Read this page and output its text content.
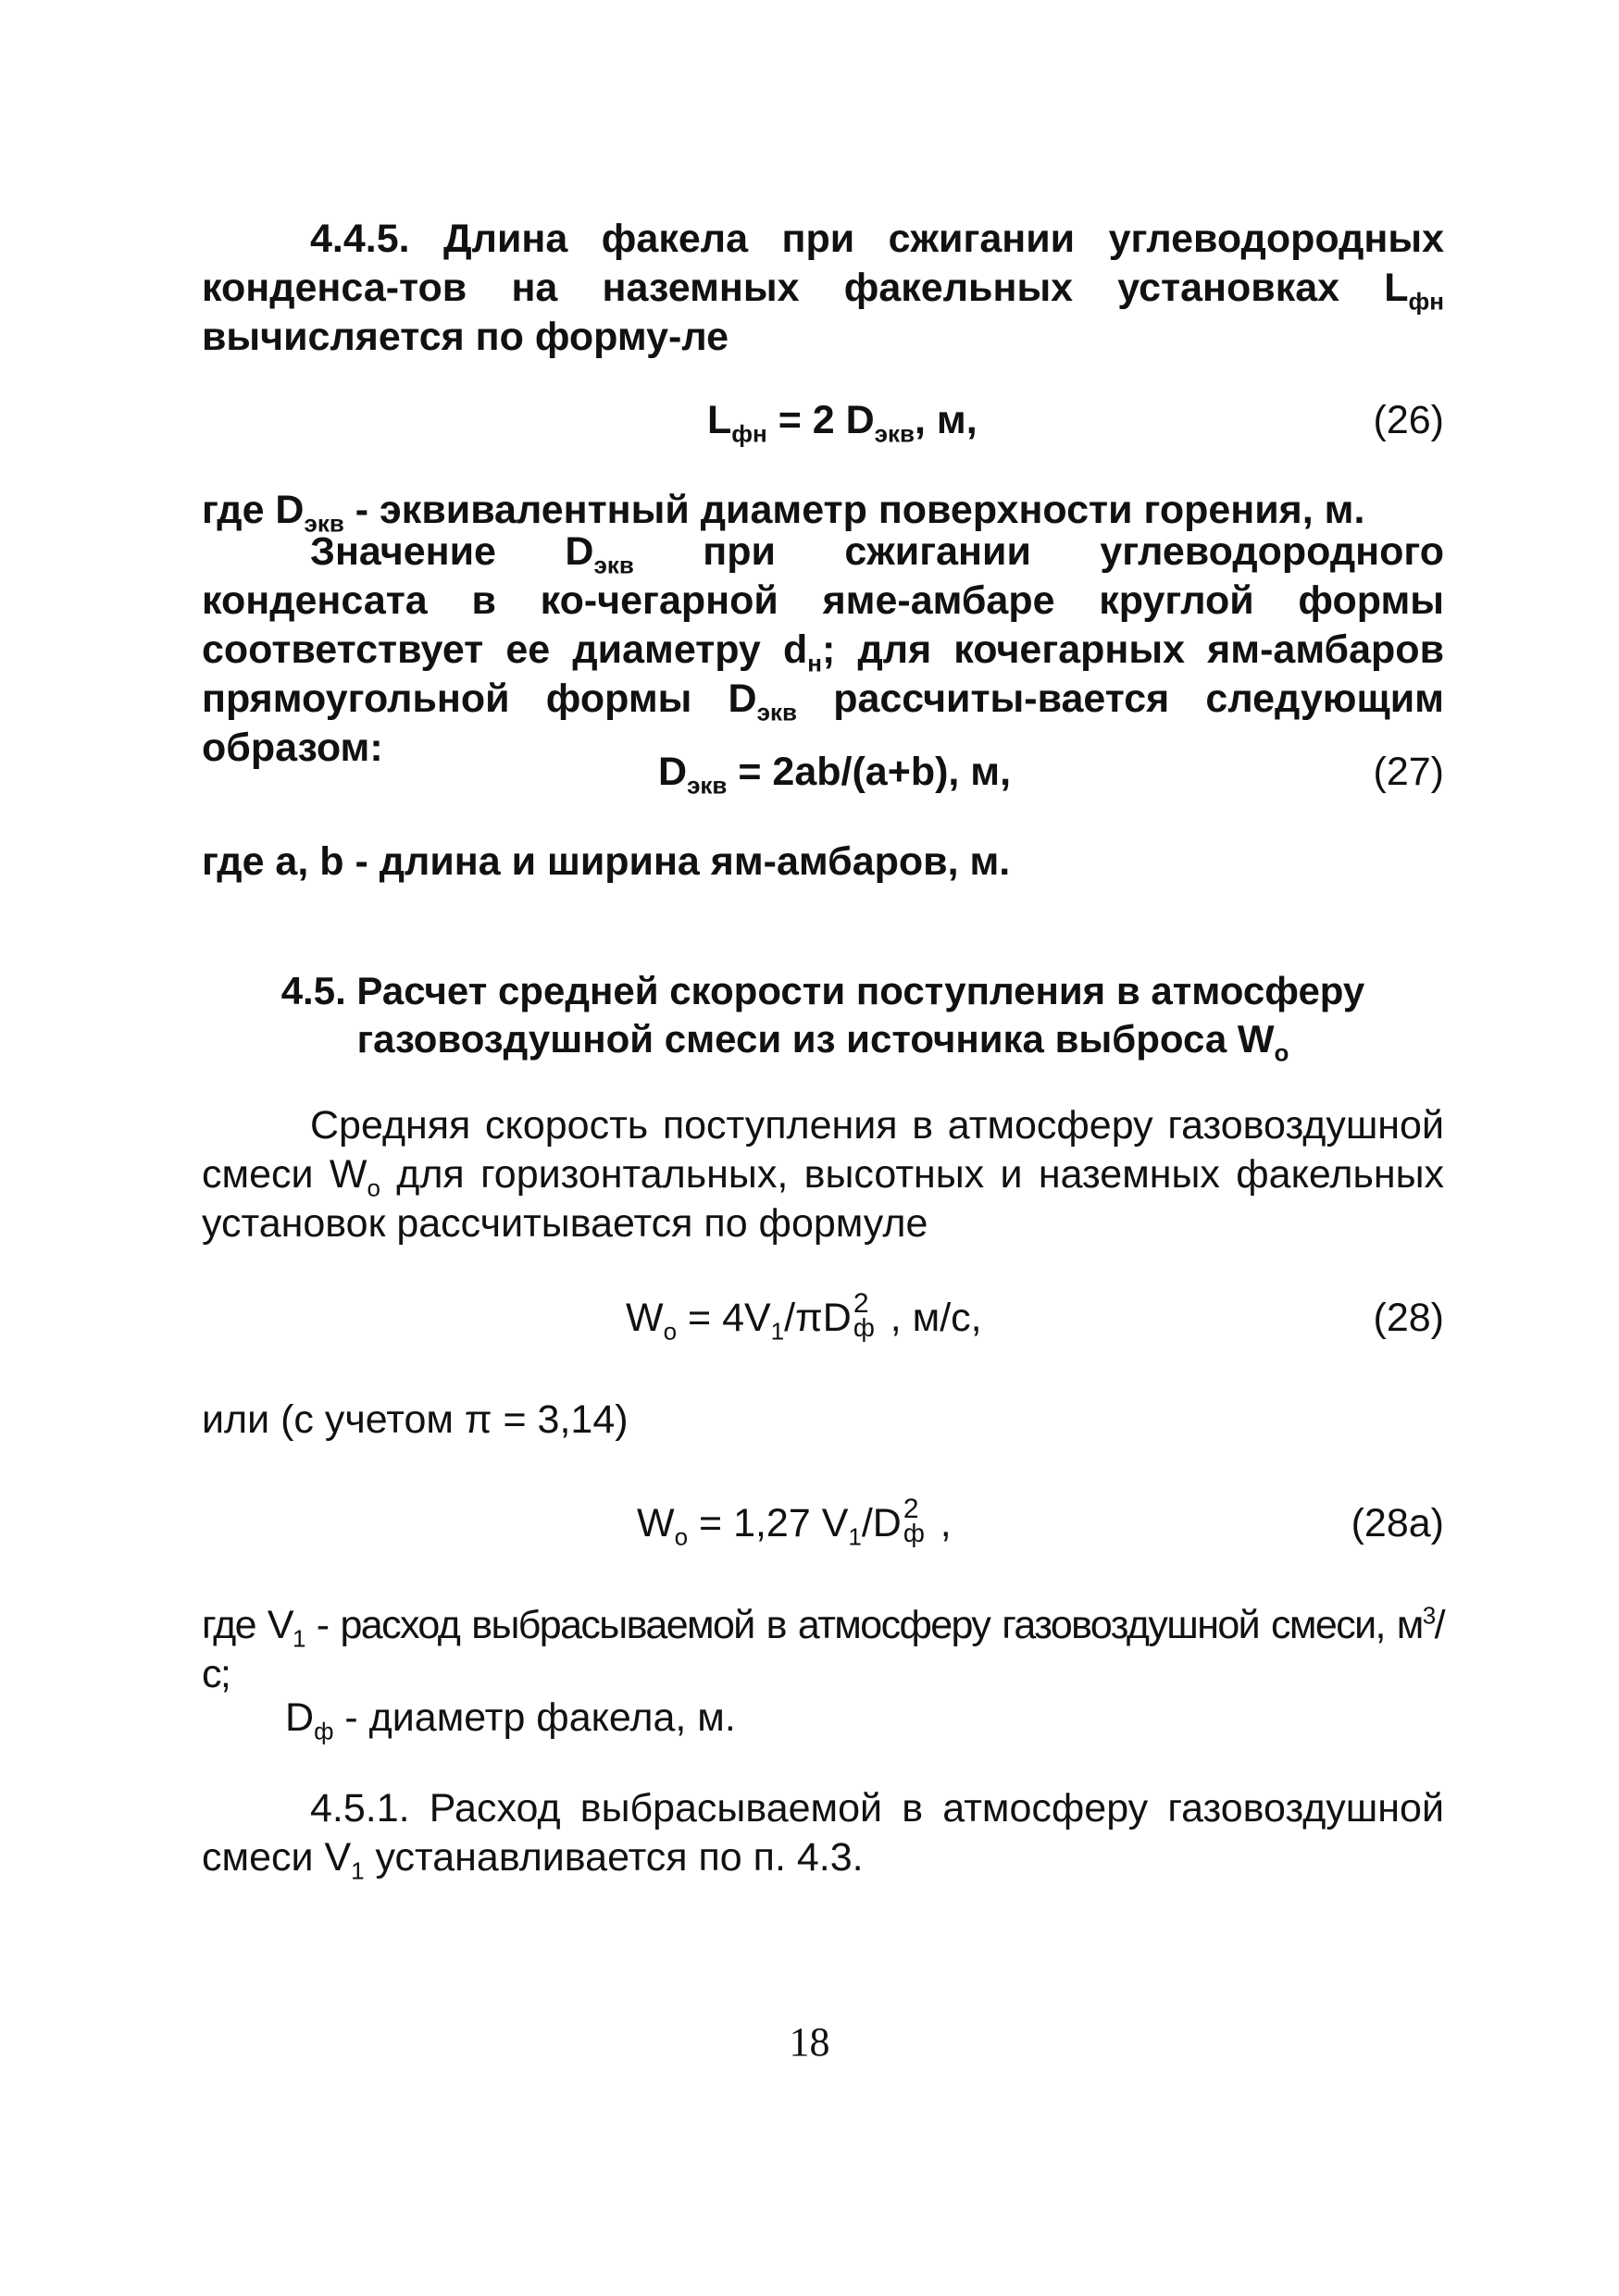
4.4.5. Длина факела при сжигании углеводородных конденса-тов на наземных факельных установках $L_{фн}$ вычисляется по форму-ле

$L_{фн} = 2$ $D_{экв}$, м,	(26)

где $D_{экв}$ - эквивалентный диаметр поверхности горения, м.

Значение $D_{экв}$ при сжигании углеводородного конденсата в ко-чегарной яме-амбаре круглой формы соответствует ее диаметру $d_н$; для кочегарных ям-амбаров прямоугольной формы $D_{экв}$ рассчиты-вается следующим образом:

$D_{экв} = 2ab/(a+b)$, м,	(27)

где a, b - длина и ширина ям-амбаров, м.

4.5. Расчет средней скорости поступления в атмосферу
газовоздушной смеси из источника выброса $W_о$

Средняя скорость поступления в атмосферу газовоздушной смеси $W_о$ для горизонтальных, высотных и наземных факельных установок рассчитывается по формуле

$W_о = 4V_1/\pi D$ 2
ф , м/с,	(28)

или (с учетом π = 3,14)

$W_о = 1,27$ $V_1/D$ 2
ф ,	(28а)

где $V_1$ - расход выбрасываемой в атмосферу газовоздушной смеси, $м^3/с$;

$D_ф$ - диаметр факела, м.

4.5.1. Расход выбрасываемой в атмосферу газовоздушной смеси $V_1$ устанавливается по п. 4.3.

18
